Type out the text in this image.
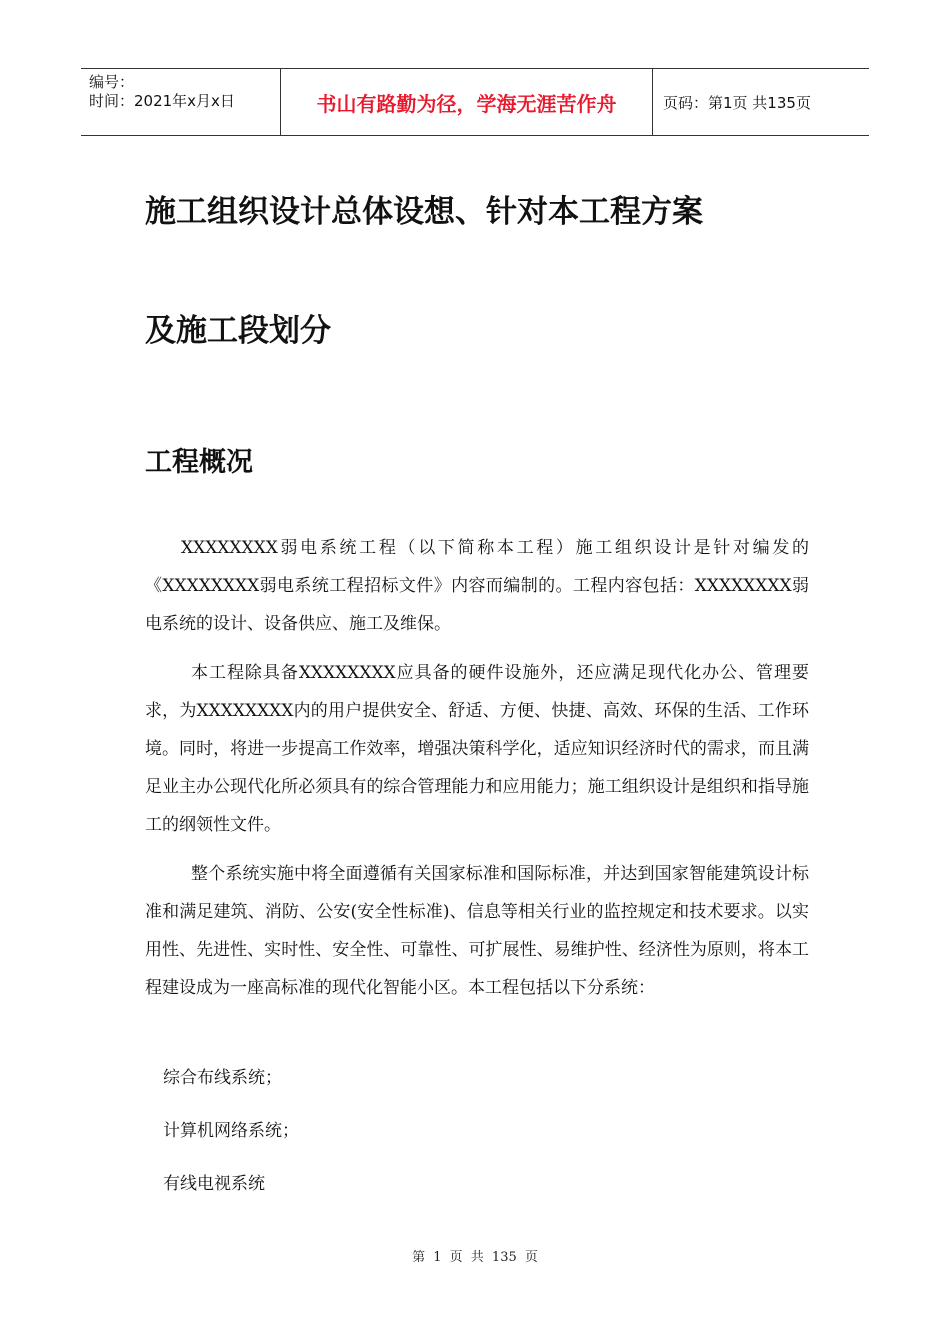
编号：
时间：2021年x月x日	书山有路勤为径，学海无涯苦作舟	页码：第1页 共135页
施工组织设计总体设想、针对本工程方案
及施工段划分
工程概况

XXXXXXXX弱电系统工程（以下简称本工程）施工组织设计是针对编发的《XXXXXXXX弱电系统工程招标文件》内容而编制的。工程内容包括：XXXXXXXX弱电系统的设计、设备供应、施工及维保。

本工程除具备XXXXXXXX应具备的硬件设施外，还应满足现代化办公、管理要求，为XXXXXXXX内的用户提供安全、舒适、方便、快捷、高效、环保的生活、工作环境。同时，将进一步提高工作效率，增强决策科学化，适应知识经济时代的需求，而且满足业主办公现代化所必须具有的综合管理能力和应用能力；施工组织设计是组织和指导施工的纲领性文件。

整个系统实施中将全面遵循有关国家标准和国际标准，并达到国家智能建筑设计标准和满足建筑、消防、公安(安全性标准)、信息等相关行业的监控规定和技术要求。以实用性、先进性、实时性、安全性、可靠性、可扩展性、易维护性、经济性为原则，将本工程建设成为一座高标准的现代化智能小区。本工程包括以下分系统：

综合布线系统；
计算机网络系统；
有线电视系统
第 1 页 共 135 页
